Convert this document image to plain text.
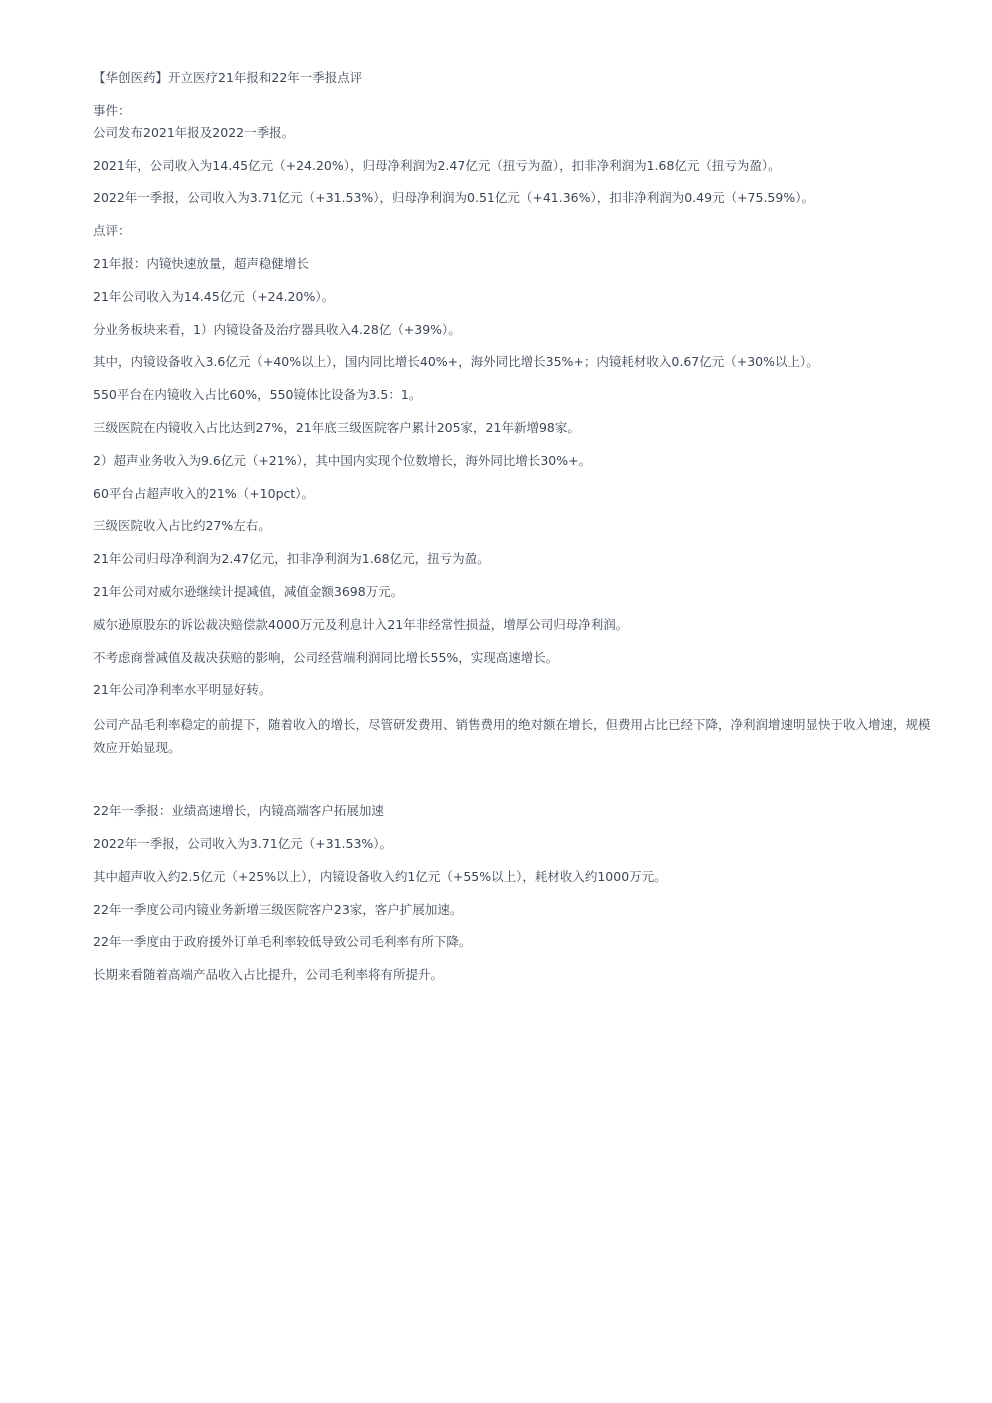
【华创医药】开立医疗21年报和22年一季报点评

事件：

公司发布2021年报及2022一季报。

2021年，公司收入为14.45亿元（+24.20%），归母净利润为2.47亿元（扭亏为盈），扣非净利润为1.68亿元（扭亏为盈）。

2022年一季报，公司收入为3.71亿元（+31.53%），归母净利润为0.51亿元（+41.36%），扣非净利润为0.49元（+75.59%）。

点评：

21年报：内镜快速放量，超声稳健增长

21年公司收入为14.45亿元（+24.20%）。

分业务板块来看，1）内镜设备及治疗器具收入4.28亿（+39%）。

其中，内镜设备收入3.6亿元（+40%以上），国内同比增长40%+，海外同比增长35%+；内镜耗材收入0.67亿元（+30%以上）。

550平台在内镜收入占比60%，550镜体比设备为3.5：1。

三级医院在内镜收入占比达到27%，21年底三级医院客户累计205家，21年新增98家。

2）超声业务收入为9.6亿元（+21%），其中国内实现个位数增长，海外同比增长30%+。

60平台占超声收入的21%（+10pct）。

三级医院收入占比约27%左右。

21年公司归母净利润为2.47亿元，扣非净利润为1.68亿元，扭亏为盈。

21年公司对威尔逊继续计提减值，减值金额3698万元。

威尔逊原股东的诉讼裁决赔偿款4000万元及利息计入21年非经常性损益，增厚公司归母净利润。

不考虑商誉减值及裁决获赔的影响，公司经营端利润同比增长55%，实现高速增长。

21年公司净利率水平明显好转。

公司产品毛利率稳定的前提下，随着收入的增长，尽管研发费用、销售费用的绝对额在增长，但费用占比已经下降，净利润增速明显快于收入增速，规模效应开始显现。

22年一季报：业绩高速增长，内镜高端客户拓展加速

2022年一季报，公司收入为3.71亿元（+31.53%）。

其中超声收入约2.5亿元（+25%以上），内镜设备收入约1亿元（+55%以上），耗材收入约1000万元。

22年一季度公司内镜业务新增三级医院客户23家，客户扩展加速。

22年一季度由于政府援外订单毛利率较低导致公司毛利率有所下降。

长期来看随着高端产品收入占比提升，公司毛利率将有所提升。
